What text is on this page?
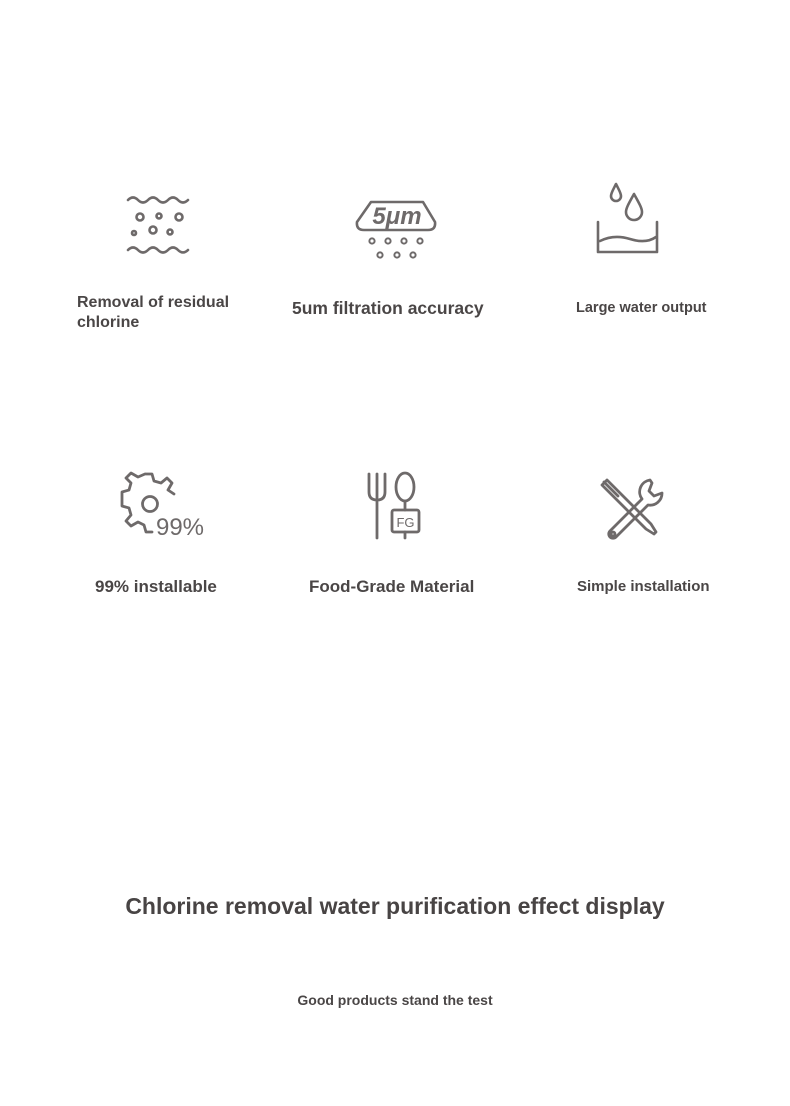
Removal of residual chlorine
5μm
5um filtration accuracy	Large water output
99%
99% installable
FG
Food-Grade Material	Simple installation
Chlorine removal water purification effect display
Good products stand the test
